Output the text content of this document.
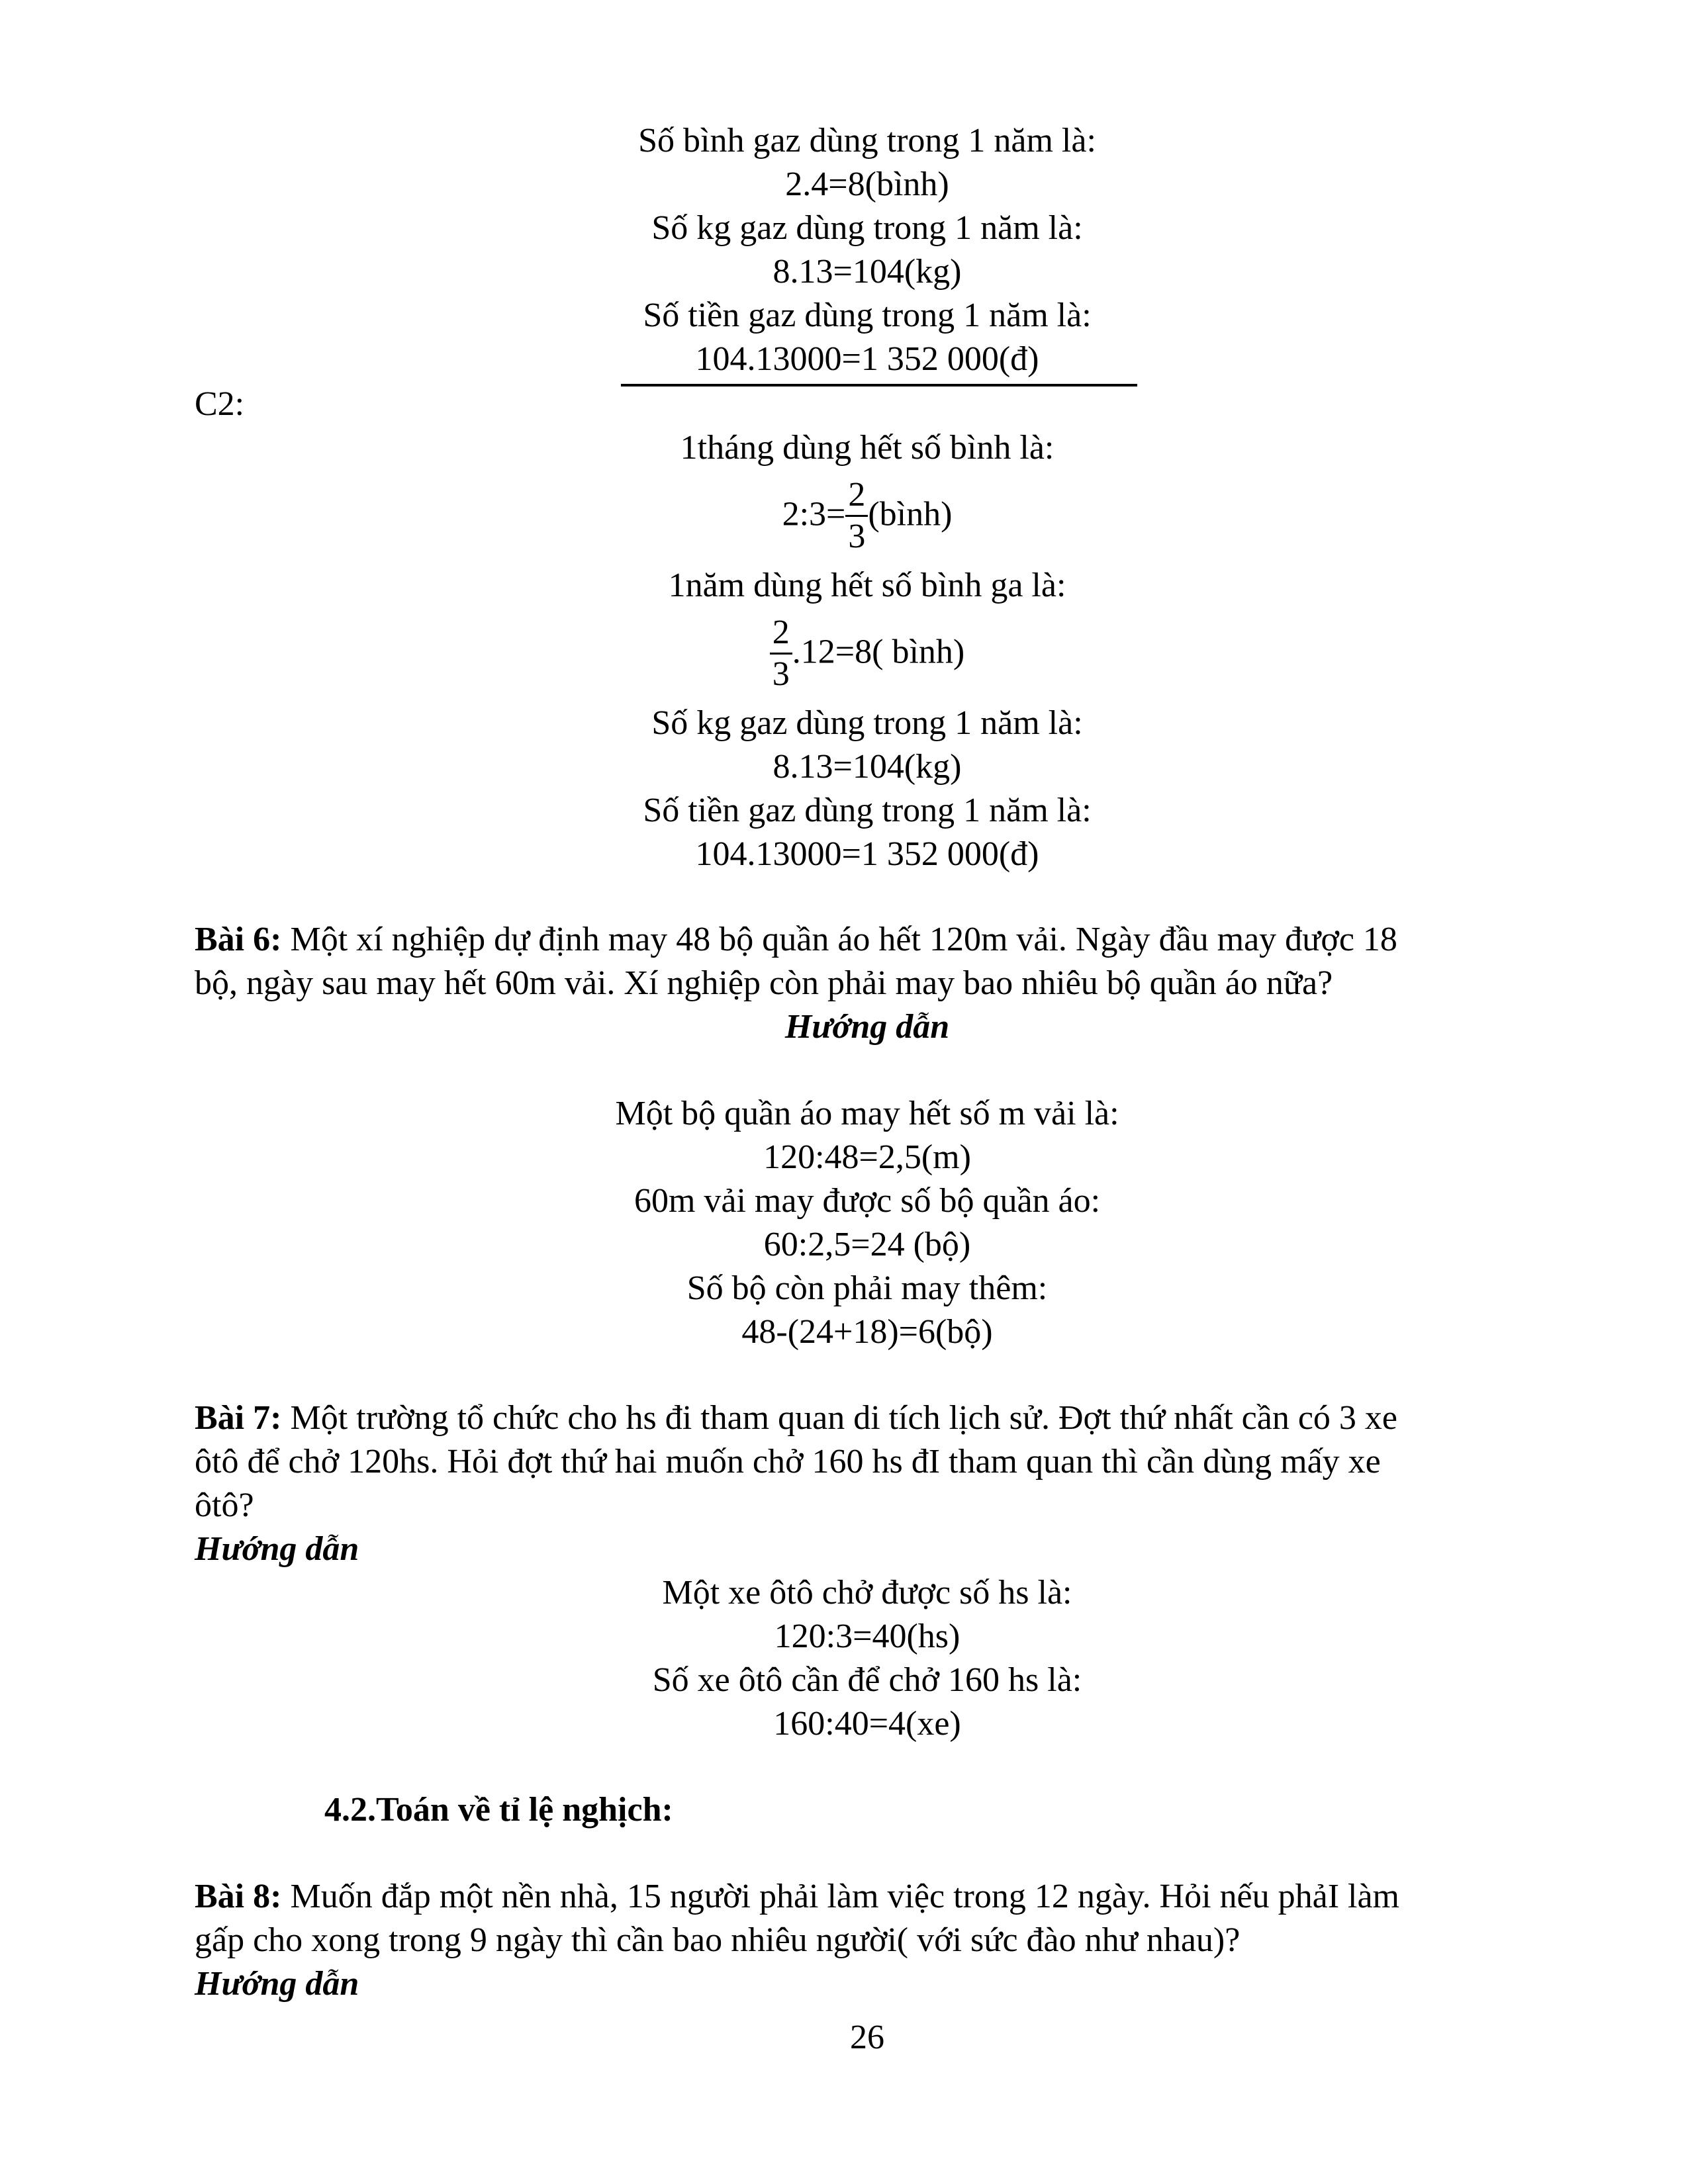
Số bình gaz dùng trong 1 năm là:
2.4=8(bình)
Số kg gaz dùng trong 1 năm là:
8.13=104(kg)
Số tiền gaz dùng trong 1 năm là:
104.13000=1 352 000(đ)
C2:
1tháng dùng hết số bình là:
2:3= $\frac{2}{3}$ (bình)
1năm dùng hết số bình ga là:
$\frac{2}{3} .12=8$( bình)
Số kg gaz dùng trong 1 năm là:
8.13=104(kg)
Số tiền gaz dùng trong 1 năm là:
104.13000=1 352 000(đ)
Bài 6: Một xí nghiệp dự định may 48 bộ quần áo hết 120m vải. Ngày đầu may được 18
bộ, ngày sau may hết 60m vải. Xí nghiệp còn phải may bao nhiêu bộ quần áo nữa?
Hướng dẫn
Một bộ quần áo may hết số m vải là:
120:48=2,5(m)
60m vải may được số bộ quần áo:
60:2,5=24 (bộ)
Số bộ còn phải may thêm:
48-(24+18)=6(bộ)
Bài 7: Một trường tổ chức cho hs đi tham quan di tích lịch sử. Đợt thứ nhất cần có 3 xe
ôtô để chở 120hs. Hỏi đợt thứ hai muốn chở 160 hs đI tham quan thì cần dùng mấy xe
ôtô?
Hướng dẫn
Một xe ôtô chở được số hs là:
120:3=40(hs)
Số xe ôtô cần để chở 160 hs là:
160:40=4(xe)
4.2.Toán về tỉ lệ nghịch:
Bài 8: Muốn đắp một nền nhà, 15 người phải làm việc trong 12 ngày. Hỏi nếu phảI làm
gấp cho xong trong 9 ngày thì cần bao nhiêu người( với sức đào như nhau)?
Hướng dẫn
26
